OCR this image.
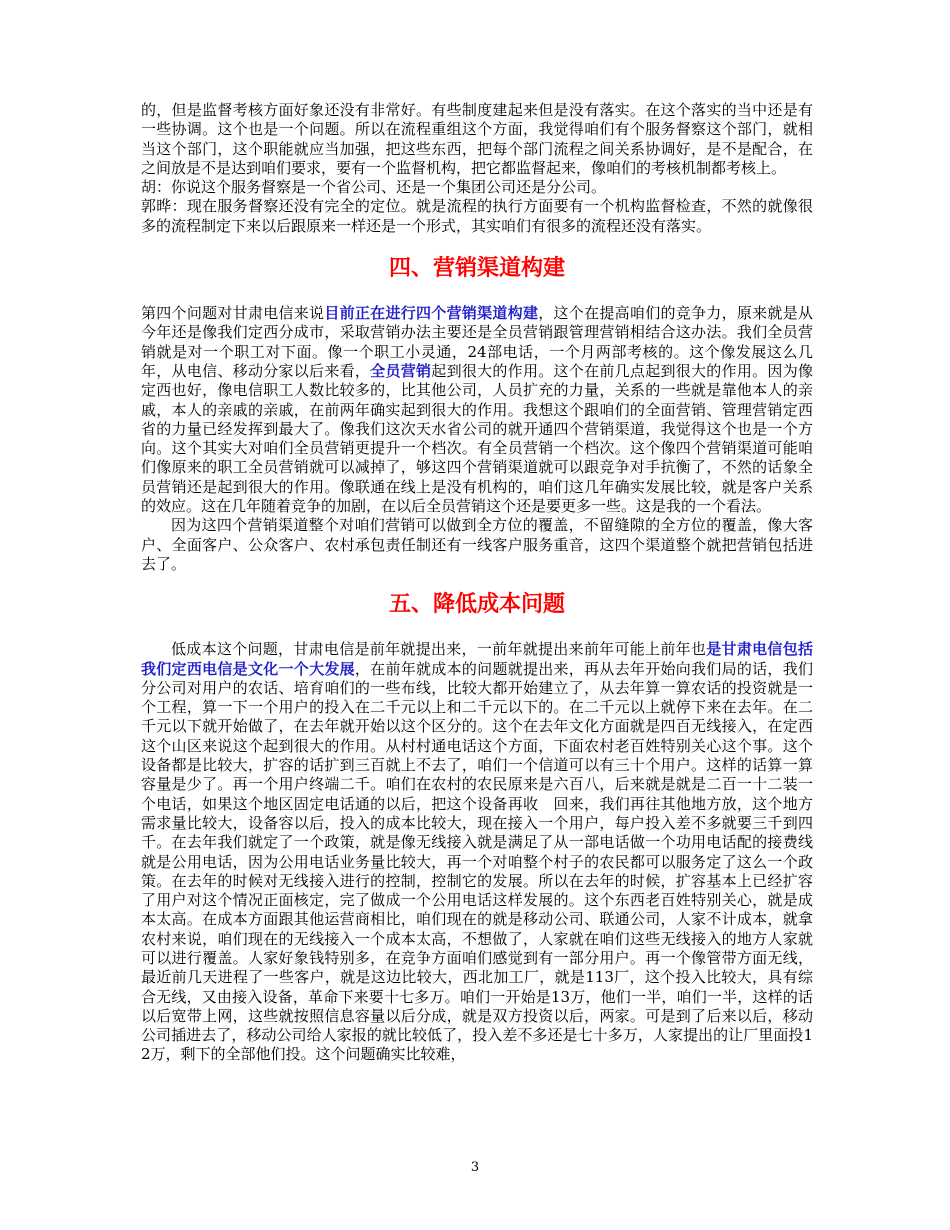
的，但是监督考核方面好象还没有非常好。有些制度建起来但是没有落实。在这个落实的当中还是有一些协调。这个也是一个问题。所以在流程重组这个方面，我觉得咱们有个服务督察这个部门，就相当这个部门，这个职能就应当加强，把这些东西，把每个部门流程之间关系协调好，是不是配合，在之间放是不是达到咱们要求，要有一个监督机构，把它都监督起来，像咱们的考核机制都考核上。

胡：你说这个服务督察是一个省公司、还是一个集团公司还是分公司。

郭晔：现在服务督察还没有完全的定位。就是流程的执行方面要有一个机构监督检查，不然的就像很多的流程制定下来以后跟原来一样还是一个形式，其实咱们有很多的流程还没有落实。

四、营销渠道构建

第四个问题对甘肃电信来说目前正在进行四个营销渠道构建，这个在提高咱们的竞争力，原来就是从今年还是像我们定西分成市，采取营销办法主要还是全员营销跟管理营销相结合这办法。我们全员营销就是对一个职工对下面。像一个职工小灵通，24部电话，一个月两部考核的。这个像发展这么几年，从电信、移动分家以后来看，全员营销起到很大的作用。这个在前几点起到很大的作用。因为像定西也好，像电信职工人数比较多的，比其他公司，人员扩充的力量，关系的一些就是靠他本人的亲戚，本人的亲戚的亲戚，在前两年确实起到很大的作用。我想这个跟咱们的全面营销、管理营销定西省的力量已经发挥到最大了。像我们这次天水省公司的就开通四个营销渠道，我觉得这个也是一个方向。这个其实大对咱们全员营销更提升一个档次。有全员营销一个档次。这个像四个营销渠道可能咱们像原来的职工全员营销就可以减掉了，够这四个营销渠道就可以跟竞争对手抗衡了，不然的话象全员营销还是起到很大的作用。像联通在线上是没有机构的，咱们这几年确实发展比较，就是客户关系的效应。这在几年随着竞争的加剧，在以后全员营销这个还是要更多一些。这是我的一个看法。

因为这四个营销渠道整个对咱们营销可以做到全方位的覆盖，不留缝隙的全方位的覆盖，像大客户、全面客户、公众客户、农村承包责任制还有一线客户服务重音，这四个渠道整个就把营销包括进去了。

五、降低成本问题

低成本这个问题，甘肃电信是前年就提出来，一前年就提出来前年可能上前年也是甘肃电信包括我们定西电信是文化一个大发展，在前年就成本的问题就提出来，再从去年开始向我们局的话，我们分公司对用户的农话、培育咱们的一些布线，比较大都开始建立了，从去年算一算农话的投资就是一个工程，算一下一个用户的投入在二千元以上和二千元以下的。在二千元以上就停下来在去年。在二千元以下就开始做了，在去年就开始以这个区分的。这个在去年文化方面就是四百无线接入，在定西这个山区来说这个起到很大的作用。从村村通电话这个方面，下面农村老百姓特别关心这个事。这个设备都是比较大，扩容的话扩到三百就上不去了，咱们一个信道可以有三十个用户。这样的话算一算容量是少了。再一个用户终端二千。咱们在农村的农民原来是六百八，后来就是就是二百一十二装一个电话，如果这个地区固定电话通的以后，把这个设备再收　回来，我们再往其他地方放，这个地方需求量比较大，设备容以后，投入的成本比较大，现在接入一个用户，每户投入差不多就要三千到四千。在去年我们就定了一个政策，就是像无线接入就是满足了从一部电话做一个功用电话配的接费线就是公用电话，因为公用电话业务量比较大，再一个对咱整个村子的农民都可以服务定了这么一个政策。在去年的时候对无线接入进行的控制，控制它的发展。所以在去年的时候，扩容基本上已经扩容了用户对这个情况正面核定，完了做成一个公用电话这样发展的。这个东西老百姓特别关心，就是成本太高。在成本方面跟其他运营商相比，咱们现在的就是移动公司、联通公司，人家不计成本，就拿农村来说，咱们现在的无线接入一个成本太高，不想做了，人家就在咱们这些无线接入的地方人家就可以进行覆盖。人家好象钱特别多，在竞争方面咱们感觉到有一部分用户。再一个像管带方面无线，最近前几天进程了一些客户，就是这边比较大，西北加工厂，就是113厂，这个投入比较大，具有综合无线，又由接入设备，革命下来要十七多万。咱们一开始是13万，他们一半，咱们一半，这样的话以后宽带上网，这些就按照信息容量以后分成，就是双方投资以后，两家。可是到了后来以后，移动公司插进去了，移动公司给人家报的就比较低了，投入差不多还是七十多万，人家提出的让厂里面投12万，剩下的全部他们投。这个问题确实比较难，

3
